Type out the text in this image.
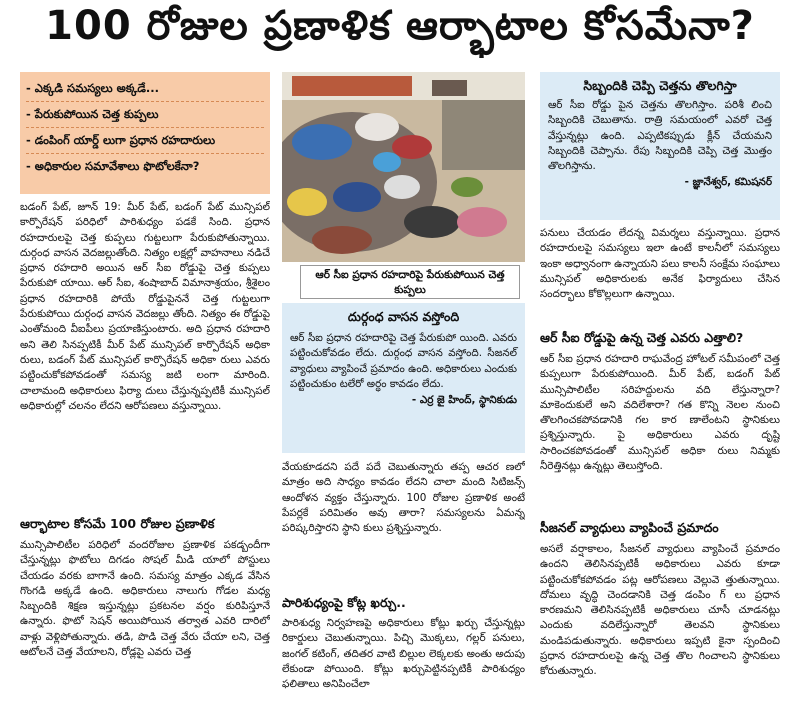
100 రోజుల ప్రణాళిక ఆర్భాటాల కోసమేనా?
- ఎక్కడి సమస్యలు అక్కడే...
- పేరుకుపోయిన చెత్త కుప్పలు
- డంపింగ్ యార్డ్ లుగా ప్రధాన రహదారులు
- అధికారుల సమావేశాలు ఫొటోలకేనా?

బడంగ్ పేట్, జూన్ 19: మీర్ పేట్, బడంగ్ పేట్ మున్సిపల్ కార్పొరేషన్ పరిధిలో పారిశుధ్యం పడకే సింది. ప్రధాన రహదారులపై చెత్త కుప్పలు గుట్టలుగా పేరుకుపోతున్నాయి. దుర్గంధ వాసన వెదజల్లుతోంది. నిత్యం లక్షల్లో వాహనాలు నడిచే ప్రధాన రహదారి అయిన ఆర్ సీఐ రోడ్డుపై చెత్త కుప్పలు పేరుకుపో యాయి. ఆర్ సీఐ, శంషాబాద్ విమానాశ్రయం, శ్రీశైలం ప్రధాన రహదారికి పోయే రోడ్డుపైననే చెత్త గుట్టలుగా పేరుకుపోయి దుర్గంధ వాసన వెదజల్లు తోంది. నిత్యం ఈ రోడ్డుపై ఎంతోమంది వీఐపీలు ప్రయాణిస్తుంటారు. అది ప్రధాన రహదారి అని తెలి సినప్పటికీ మీర్ పేట్ మున్సిపల్ కార్పొరేషన్ అధికా రులు, బడంగ్ పేట్ మున్సిపల్ కార్పొరేషన్ అధికా రులు ఎవరు పట్టించుకోకపోవడంతో సమస్య జటి లంగా మారింది. చాలామంది అధికారులు ఫిర్యా దులు చేస్తున్నప్పటికీ మున్సిపల్ అధికారుల్లో చలనం లేదని ఆరోపణలు వస్తున్నాయి.

ఆర్భాటాల కోసమే 100 రోజుల ప్రణాళిక

మున్సిపాలిటీల పరిధిలో వందరోజుల ప్రణాళిక పకడ్బందీగా చేస్తున్నట్లు ఫొటోలు దిగడం సోషల్ మీడి యాలో పోస్టులు చేయడం వరకు బాగానే ఉంది. సమస్య మాత్రం ఎక్కడ వేసిన గొంగడి అక్కడే ఉంది. అధికారులు నాలుగు గోడల మధ్య సిబ్బందికి శిక్షణ ఇస్తున్నట్లు ప్రకటనల వర్షం కురిపిస్తూనే ఉన్నారు. ఫొటో సెషన్ అయిపోయిన తర్వాత ఎవరి దారిలో వాళ్లు వెళ్లిపోతున్నారు. తడి, పొడి చెత్త వేరు చేయా లని, చెత్త ఆటోలనే చెత్త వేయాలని, రోడ్లపై ఎవరు చెత్త

ఆర్ సీఐ ప్రధాన రహదారిపై పేరుకుపోయిన చెత్త కుప్పలు
దుర్గంధ వాసన వస్తోంది

ఆర్ సీఐ ప్రధాన రహదారిపై చెత్త పేరుకుపో యింది. ఎవరు పట్టించుకోవడం లేదు. దుర్గంధ వాసన వస్తోంది. సీజనల్ వ్యాధులు వ్యాపించే ప్రమాదం ఉంది. అధికారులు ఎందుకు పట్టించుకుం టలేరో అర్థం కావడం లేదు.

- ఎర్ర జై హింద్, స్థానికుడు

వేయకూడదని పదే పదే చెబుతున్నారు తప్ప ఆచర ణలో మాత్రం అది సాధ్యం కావడం లేదని చాలా మంది సిటిజన్స్ ఆందోళన వ్యక్తం చేస్తున్నారు. 100 రోజుల ప్రణాళిక అంటే పేపర్లకే పరిమితం అవు తారా? సమస్యలను ఏమన్న పరిష్కరిస్తారని స్థాని కులు ప్రశ్నిస్తున్నారు.

పారిశుధ్యంపై కోట్ల ఖర్చు..

పారిశుధ్య నిర్వహణపై అధికారులు కోట్లు ఖర్చు చేస్తున్నట్లు రికార్డులు చెబుతున్నాయి. పిచ్చి మొక్కలు, గల్లర్ పనులు, జంగల్ కటింగ్, తదితర వాటి బిల్లుల లెక్కలకు అంతు అదుపు లేకుండా పోయింది. కోట్లు ఖర్చుపెట్టినప్పటికీ పారిశుధ్యం ఫలితాలు అనిపించేలా

సిబ్బందికి చెప్పి చెత్తను తొలగిస్తా

ఆర్ సీఐ రోడ్డు పైన చెత్తను తొలగిస్తాం. పరిశీ లించి సిబ్బందికి చెబుతాను. రాత్రి సమయంలో ఎవరో చెత్త వేస్తున్నట్లు ఉంది. ఎప్పటికప్పుడు క్లీన్ చేయమని సిబ్బందికి చెప్పాను. రేపు సిబ్బందికి చెప్పి చెత్త మొత్తం తొలగిస్తాను.

- జ్ఞానేశ్వర్, కమిషనర్

పనులు చేయడం లేదన్న విమర్శలు వస్తున్నాయి. ప్రధాన రహదారులపై సమస్యలు ఇలా ఉంటే కాలనీలో సమస్యలు ఇంకా అధ్వానంగా ఉన్నాయని పలు కాలనీ సంక్షేమ సంఘాలు మున్సిపల్ అధికారులకు అనేక ఫిర్యాదులు చేసిన సందర్భాలు కోకొల్లలుగా ఉన్నాయి.

ఆర్ సీఐ రోడ్డుపై ఉన్న చెత్త ఎవరు ఎత్తాలి?

ఆర్ సీఐ ప్రధాన రహదారి రాఘవేంద్ర హోటల్ సమీపంలో చెత్త కుప్పలుగా పేరుకుపోయింది. మీర్ పేట్, బడంగ్ పేట్ మున్సిపాలిటీల సరిహద్దులను వది లేస్తున్నారా? మాకెందుకులే అని వదిలేశారా? గత కొన్ని నెలల నుంచి తొలగించకపోవడానికి గల కార ణాలేంటని స్థానికులు ప్రశ్నిస్తున్నారు. పై అధికారులు ఎవరు దృష్టి సారించకపోవడంతో మున్సిపల్ అధికా రులు నిమ్మకు నీరెత్తినట్లు ఉన్నట్లు తెలుస్తోంది.

సీజనల్ వ్యాధులు వ్యాపించే ప్రమాదం

అసలే వర్షాకాలం, సీజనల్ వ్యాధులు వ్యాపించే ప్రమాదం ఉందని తెలిసినప్పటికీ అధికారులు ఎవరు కూడా పట్టించుకోకపోవడం పట్ల ఆరోపణలు వెల్లువె త్తుతున్నాయి. దోమలు వృద్ధి చెందడానికి చెత్త డంపిం గ్ లు ప్రధాన కారణమని తెలిసినప్పటికీ అధికారులు చూసీ చూడనట్లు ఎందుకు వదిలేస్తున్నారో తెలవని స్థానికులు మండిపడుతున్నారు. అధికారులు ఇప్పటి కైనా స్పందించి ప్రధాన రహదారులపై ఉన్న చెత్త తొల గించాలని స్థానికులు కోరుతున్నారు.
